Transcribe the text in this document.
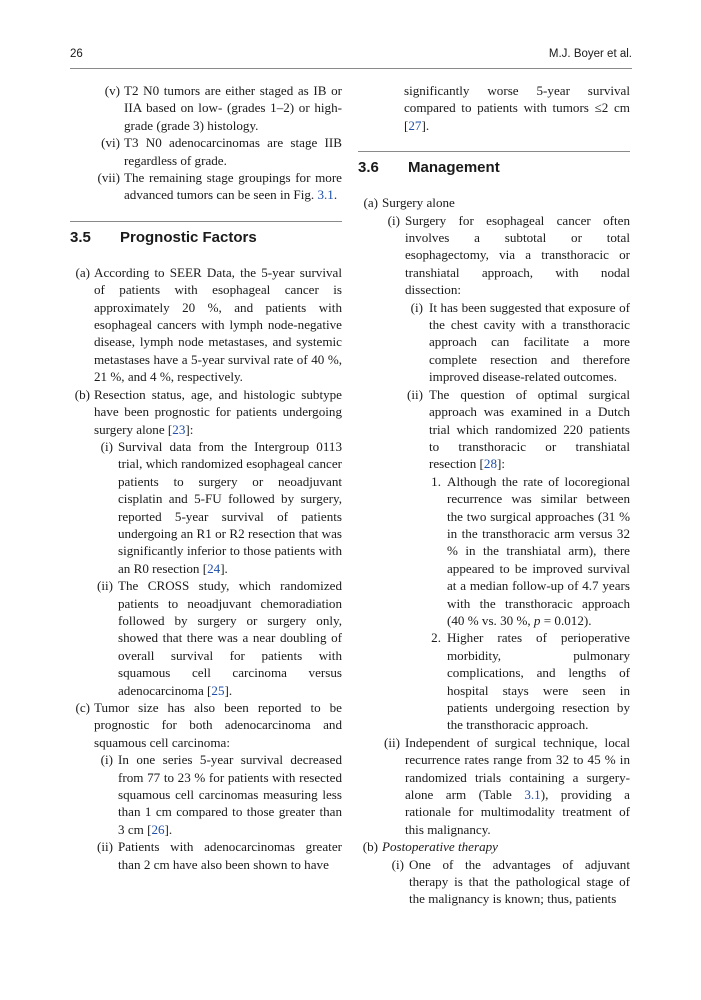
26	M.J. Boyer et al.
(v) T2 N0 tumors are either staged as IB or IIA based on low- (grades 1–2) or high-grade (grade 3) histology.
(vi) T3 N0 adenocarcinomas are stage IIB regardless of grade.
(vii) The remaining stage groupings for more advanced tumors can be seen in Fig. 3.1.
3.5 Prognostic Factors
(a) According to SEER Data, the 5-year survival of patients with esophageal cancer is approximately 20 %, and patients with esophageal cancers with lymph node-negative disease, lymph node metastases, and systemic metastases have a 5-year survival rate of 40 %, 21 %, and 4 %, respectively.
(b) Resection status, age, and histologic subtype have been prognostic for patients undergoing surgery alone [23]:
(i) Survival data from the Intergroup 0113 trial, which randomized esophageal cancer patients to surgery or neoadjuvant cisplatin and 5-FU followed by surgery, reported 5-year survival of patients undergoing an R1 or R2 resection that was significantly inferior to those patients with an R0 resection [24].
(ii) The CROSS study, which randomized patients to neoadjuvant chemoradiation followed by surgery or surgery only, showed that there was a near doubling of overall survival for patients with squamous cell carcinoma versus adenocarcinoma [25].
(c) Tumor size has also been reported to be prognostic for both adenocarcinoma and squamous cell carcinoma:
(i) In one series 5-year survival decreased from 77 to 23 % for patients with resected squamous cell carcinomas measuring less than 1 cm compared to those greater than 3 cm [26].
(ii) Patients with adenocarcinomas greater than 2 cm have also been shown to have
significantly worse 5-year survival compared to patients with tumors ≤2 cm [27].
3.6 Management
(a) Surgery alone
(i) Surgery for esophageal cancer often involves a subtotal or total esophagectomy, via a transthoracic or transhiatal approach, with nodal dissection:
(i) It has been suggested that exposure of the chest cavity with a transthoracic approach can facilitate a more complete resection and therefore improved disease-related outcomes.
(ii) The question of optimal surgical approach was examined in a Dutch trial which randomized 220 patients to transthoracic or transhiatal resection [28]:
1. Although the rate of locoregional recurrence was similar between the two surgical approaches (31 % in the transthoracic arm versus 32 % in the transhiatal arm), there appeared to be improved survival at a median follow-up of 4.7 years with the transthoracic approach (40 % vs. 30 %, p = 0.012).
2. Higher rates of perioperative morbidity, pulmonary complications, and lengths of hospital stays were seen in patients undergoing resection by the transthoracic approach.
(ii) Independent of surgical technique, local recurrence rates range from 32 to 45 % in randomized trials containing a surgery-alone arm (Table 3.1), providing a rationale for multimodality treatment of this malignancy.
(b) Postoperative therapy
(i) One of the advantages of adjuvant therapy is that the pathological stage of the malignancy is known; thus, patients
